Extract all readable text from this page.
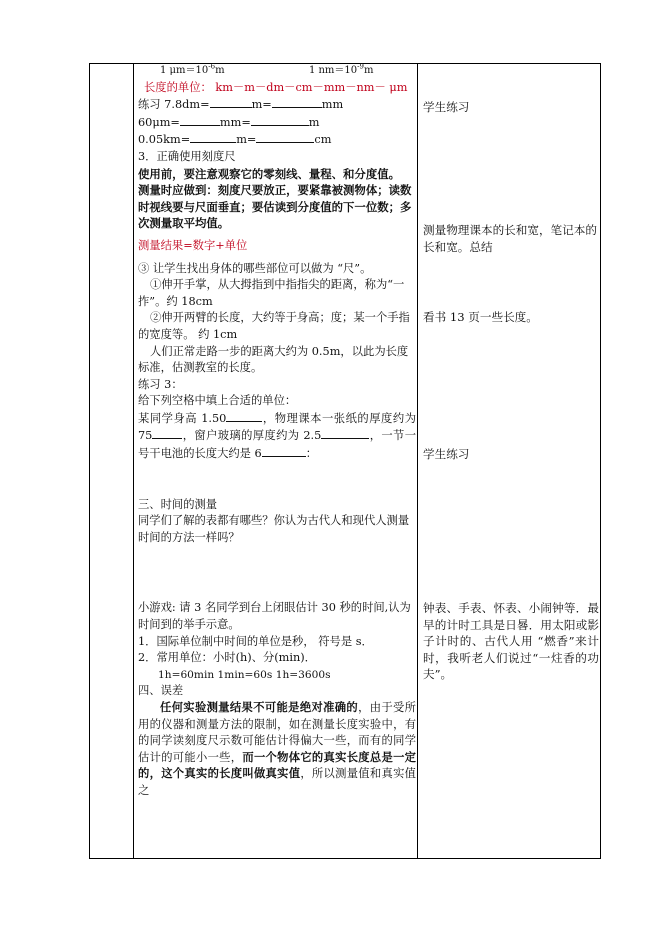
1 $\mu m=10^{-6}m$	1 $nm=10^{-9}m$

长度的单位： km－m－dm－cm－mm－nm－ μm

练习 7.8dm=	m=	mm

60μm=	mm=	m

0.05km=	m=	cm

3．正确使用刻度尺

使用前，要注意观察它的零刻线、量程、和分度值。

测量时应做到：刻度尺要放正，要紧靠被测物体；读数时视线要与尺面垂直；要估读到分度值的下一位数；多次测量取平均值。

测量结果=数字+单位

③ 让学生找出身体的哪些部位可以做为 “尺”。

①伸开手掌，从大拇指到中指指尖的距离，称为“一拃”。约 18cm

②伸开两臂的长度，大约等于身高；度；某一个手指的宽度等。 约 1cm

人们正常走路一步的距离大约为 0.5m，以此为长度标准，估测教室的长度。

练习 3：

给下列空格中填上合适的单位：

某同学身高 1.50	，物理课本一张纸的厚度约为 75	，窗户玻璃的厚度约为 2.5	，一节一号干电池的长度大约是 6	：

三、时间的测量

同学们了解的表都有哪些？你认为古代人和现代人测量时间的方法一样吗？

小游戏: 请 3 名同学到台上闭眼估计 30 秒的时间,认为时间到的举手示意。

1．国际单位制中时间的单位是秒， 符号是 s．

2．常用单位：小时(h)、分(min)．

1h=60min 1min=60s 1h=3600s

四、误差

任何实验测量结果不可能是绝对准确的，由于受所用的仪器和测量方法的限制，如在测量长度实验中，有的同学读刻度尺示数可能估计得偏大一些，而有的同学估计的可能小一些，而一个物体它的真实长度总是一定的，这个真实的长度叫做真实值，所以测量值和真实值之

学生练习

测量物理课本的长和宽，笔记本的长和宽。总结

看书 13 页一些长度。

学生练习

钟表、手表、怀表、小闹钟等．最早的计时工具是日晷．用太阳或影子计时的、古代人用 “燃香”来计时，我听老人们说过“一炷香的功夫”。
